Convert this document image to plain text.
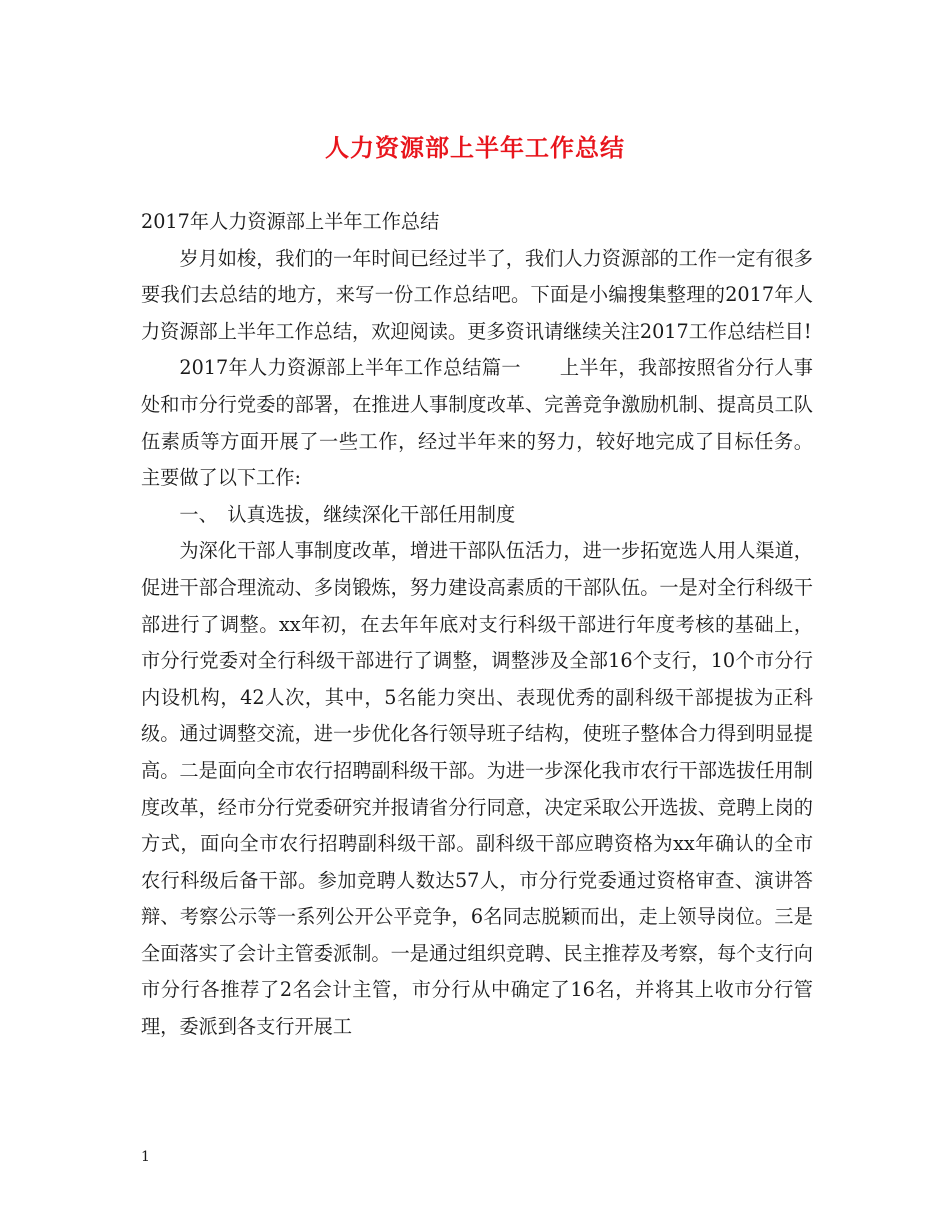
人力资源部上半年工作总结

2017年人力资源部上半年工作总结

岁月如梭，我们的一年时间已经过半了，我们人力资源部的工作一定有很多要我们去总结的地方，来写一份工作总结吧。下面是小编搜集整理的2017年人力资源部上半年工作总结，欢迎阅读。更多资讯请继续关注2017工作总结栏目!

2017年人力资源部上半年工作总结篇一　　上半年，我部按照省分行人事处和市分行党委的部署，在推进人事制度改革、完善竞争激励机制、提高员工队伍素质等方面开展了一些工作，经过半年来的努力，较好地完成了目标任务。 主要做了以下工作:

一、　认真选拔，继续深化干部任用制度

为深化干部人事制度改革，增进干部队伍活力，进一步拓宽选人用人渠道，促进干部合理流动、多岗锻炼，努力建设高素质的干部队伍。一是对全行科级干部进行了调整。xx年初，在去年年底对支行科级干部进行年度考核的基础上，市分行党委对全行科级干部进行了调整，调整涉及全部16个支行，10个市分行内设机构，42人次，其中，5名能力突出、表现优秀的副科级干部提拔为正科级。通过调整交流，进一步优化各行领导班子结构，使班子整体合力得到明显提高。二是面向全市农行招聘副科级干部。为进一步深化我市农行干部选拔任用制度改革，经市分行党委研究并报请省分行同意，决定采取公开选拔、竞聘上岗的方式，面向全市农行招聘副科级干部。副科级干部应聘资格为xx年确认的全市农行科级后备干部。参加竞聘人数达57人，市分行党委通过资格审查、演讲答辩、考察公示等一系列公开公平竞争，6名同志脱颖而出，走上领导岗位。三是全面落实了会计主管委派制。一是通过组织竞聘、民主推荐及考察，每个支行向市分行各推荐了2名会计主管，市分行从中确定了16名，并将其上收市分行管理，委派到各支行开展工

1
